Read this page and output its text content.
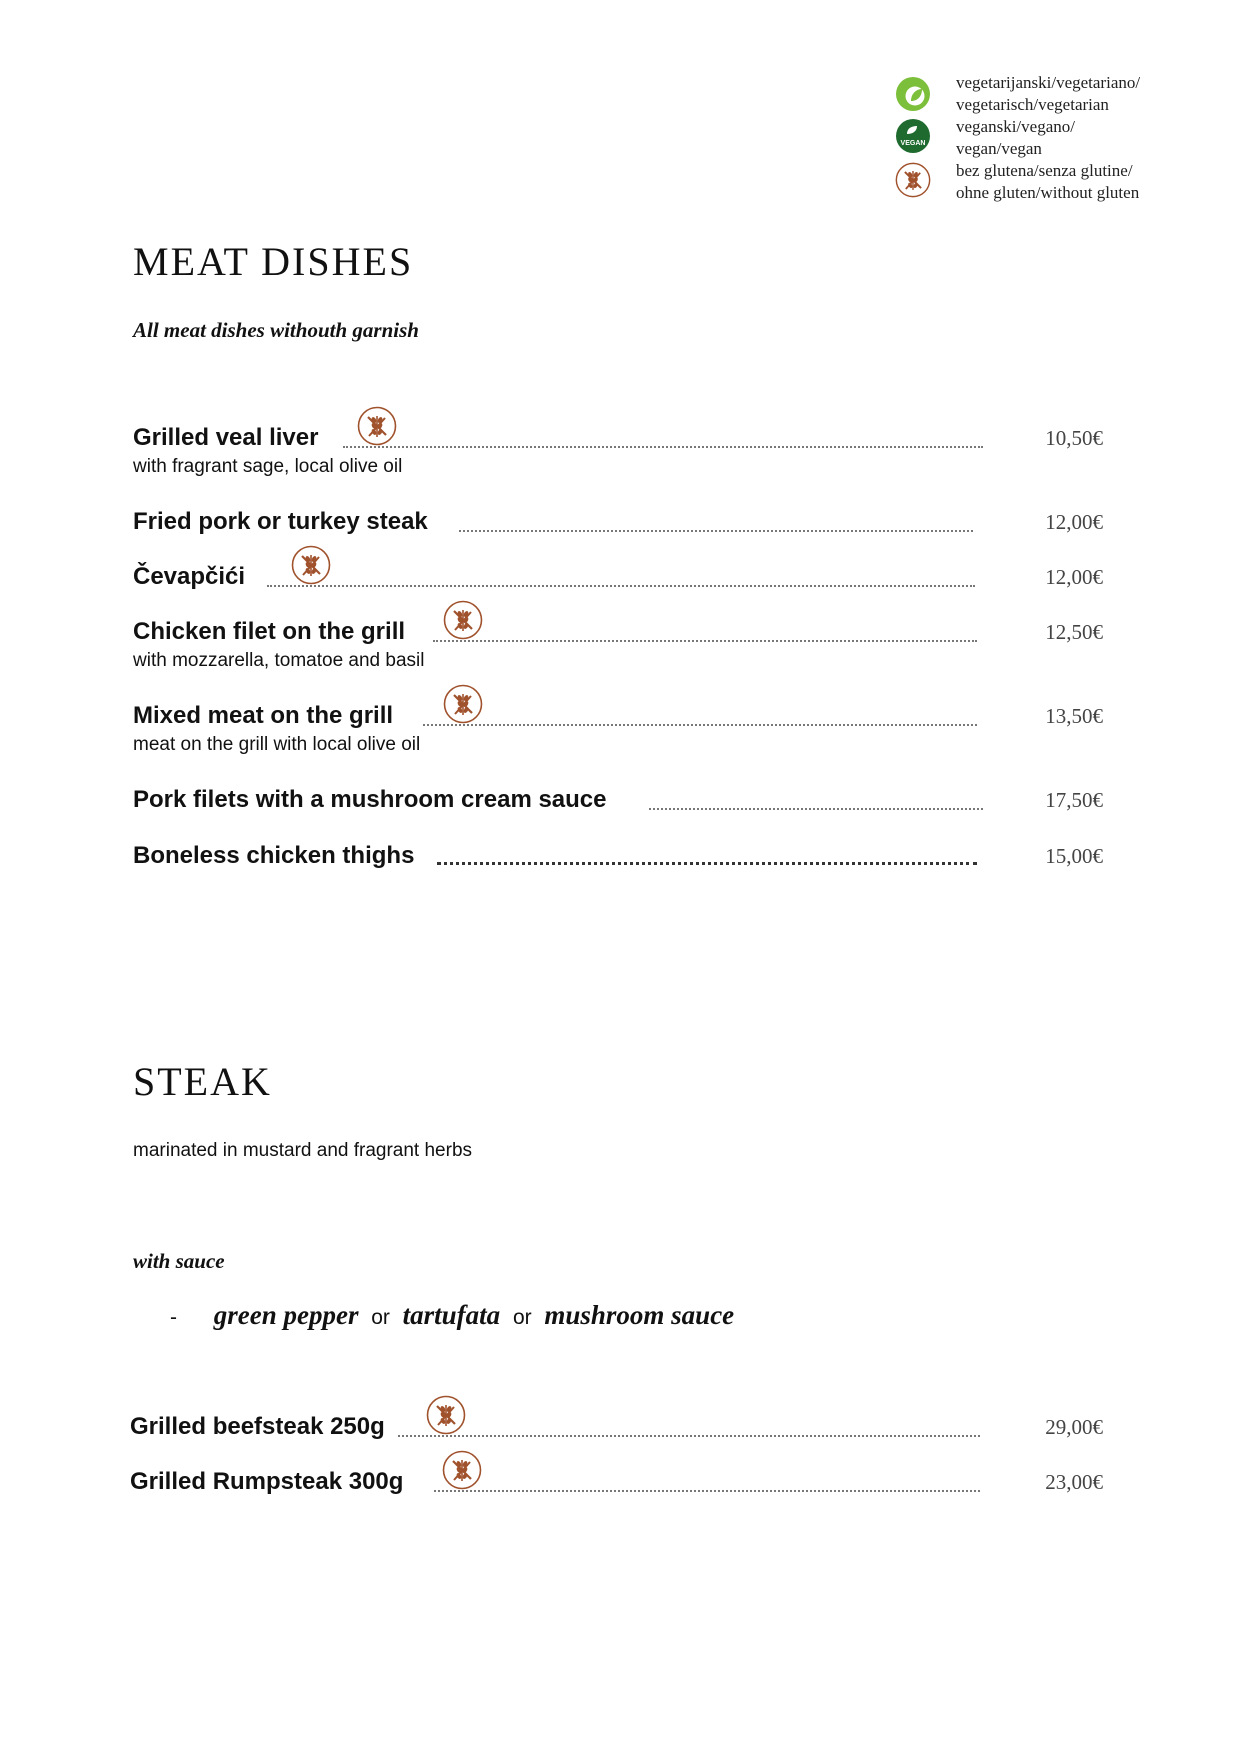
vegetarijanski/vegetariano/
vegetarisch/vegetarian
VEGAN
veganski/vegano/
vegan/vegan
bez glutena/senza glutine/
ohne gluten/without gluten
MEAT DISHES
All meat dishes withouth garnish
Grilled veal liver	10,50€
with fragrant sage, local olive oil
Fried pork or turkey steak	12,00€
Čevapčići	12,00€
Chicken filet on the grill	12,50€
with mozzarella, tomatoe and basil
Mixed meat on the grill	13,50€
meat on the grill with local olive oil
Pork filets with a mushroom cream sauce	17,50€
Boneless chicken thighs	15,00€
STEAK
marinated in mustard and fragrant herbs
with sauce
- green pepper or tartufata or mushroom sauce
Grilled beefsteak 250g	29,00€
Grilled Rumpsteak 300g	23,00€
